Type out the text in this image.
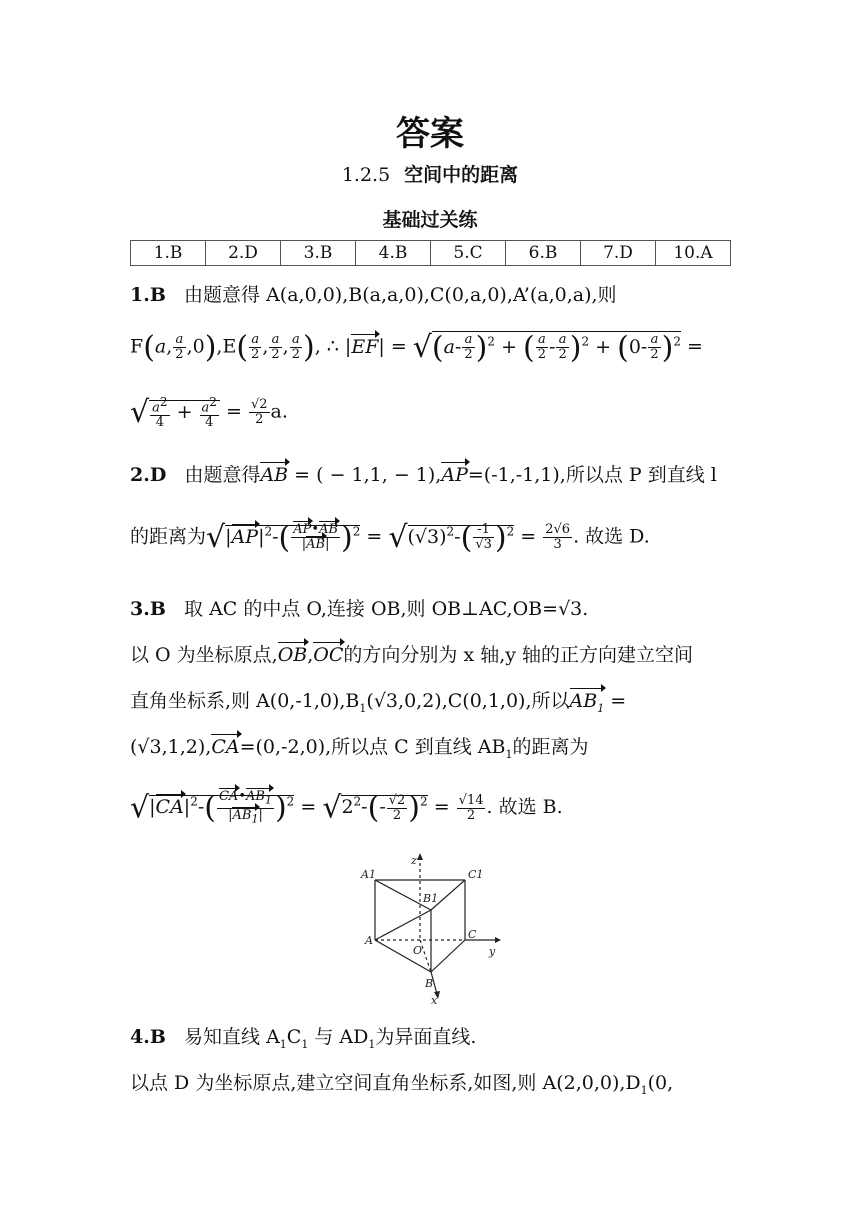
答案
1.2.5 空间中的距离
基础过关练
1.B	2.D	3.B	4.B	5.C	6.B	7.D	10.A
1.B 由题意得 A(a,0,0),B(a,a,0),C(0,a,0),A’(a,0,a),则
F(a, $\frac{a}{2} ,0),E( \frac{a}{2}$ , $\frac{a}{2}$ , $\frac{a}{2}$ ), ∴ $|EF| = √(a- \frac{a}{2} )^2$ + ( $\frac{a}{2} - \frac{a}{2} )^2 + (0- \frac{a}{2} )^2$ =
√ $\frac{a^2}{4} + \frac{a^2}{4} = \frac{√2}{2} a$.
2.D 由题意得AB = ( − 1,1, − 1),AP=(-1,-1,1),所以点 P 到直线 l
的距离为$√|AP|^2-( \frac{AP•AB}{|AB|} )^2 = √(√3)^2-( \frac{-1}{√3} )^2 = \frac{2√6}{3}$ . 故选 D.
3.B 取 AC 的中点 O,连接 OB,则 OB⊥AC,OB=√3.
以 O 为坐标原点,OB,OC的方向分别为 x 轴,y 轴的正方向建立空间
直角坐标系,则 $A(0,-1,0),B_1(√3,0,2),C(0,1,0)$,所以$AB_1$ =
(√3,1,2),CA=(0,-2,0),所以点 C 到直线 $AB_1$的距离为
$√|CA|^2-( \frac{CA•AB_1}{|AB_1|} )^2 = √2^2-(- \frac{√2}{2} )^2 = \frac{√14}{2}$ . 故选 B.
A1	C1
B1
A	C
O
B
x
y
z
4.B 易知直线 $A_1C_1$ 与 $AD_1$为异面直线.
以点 D 为坐标原点,建立空间直角坐标系,如图,则 $A(2,0,0),D_1(0$,
